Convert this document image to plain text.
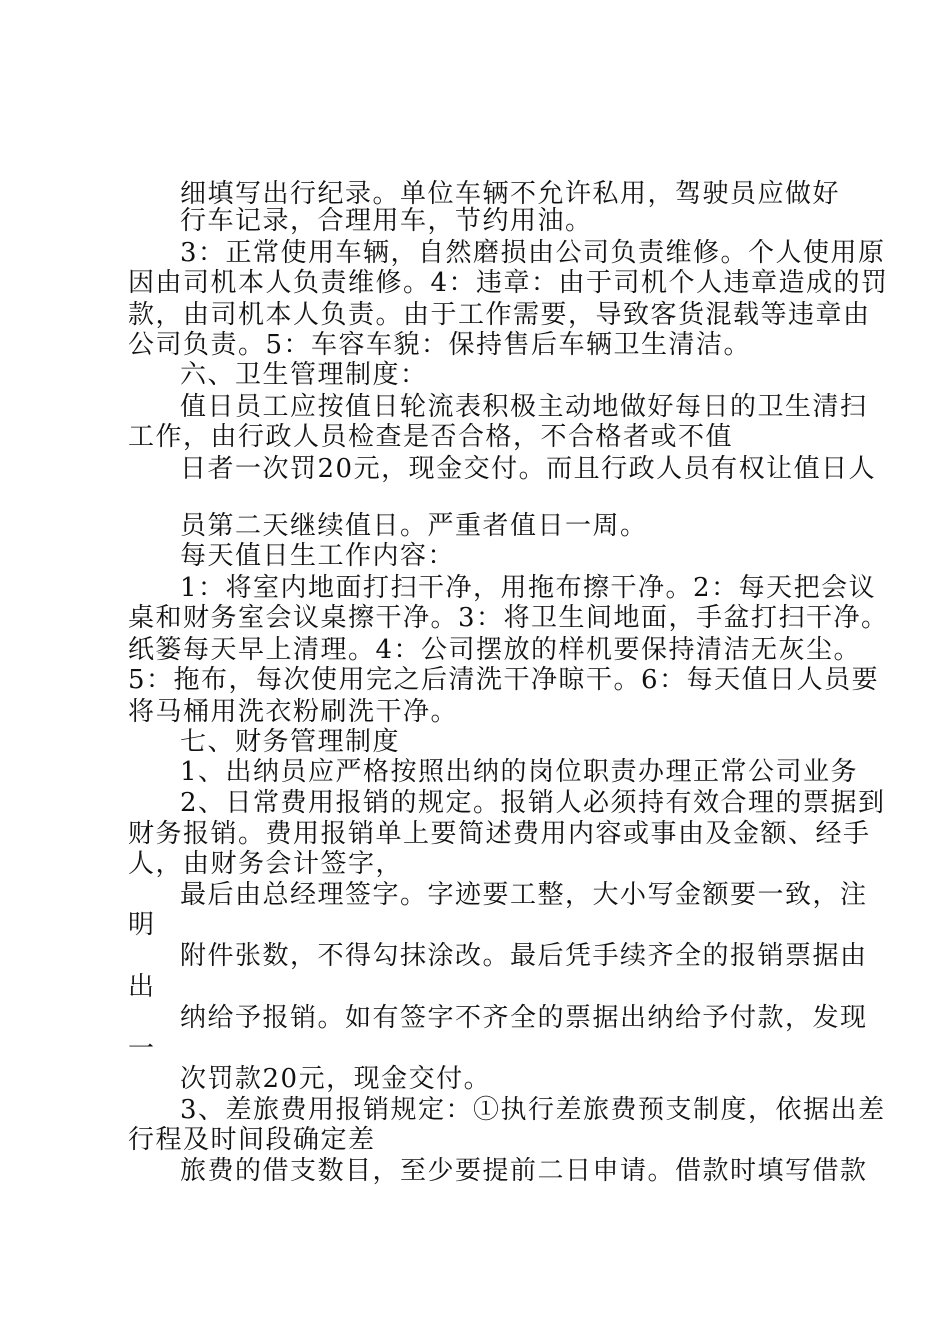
细填写出行纪录。单位车辆不允许私用，驾驶员应做好
行车记录，合理用车，节约用油。
3：正常使用车辆，自然磨损由公司负责维修。个人使用原
因由司机本人负责维修。4：违章：由于司机个人违章造成的罚
款，由司机本人负责。由于工作需要，导致客货混载等违章由
公司负责。5：车容车貌：保持售后车辆卫生清洁。
六、卫生管理制度：
值日员工应按值日轮流表积极主动地做好每日的卫生清扫
工作，由行政人员检查是否合格，不合格者或不值
日者一次罚20元，现金交付。而且行政人员有权让值日人
员第二天继续值日。严重者值日一周。
每天值日生工作内容：
1：将室内地面打扫干净，用拖布擦干净。2：每天把会议
桌和财务室会议桌擦干净。3：将卫生间地面，手盆打扫干净。
纸篓每天早上清理。4：公司摆放的样机要保持清洁无灰尘。
5：拖布，每次使用完之后清洗干净晾干。6：每天值日人员要
将马桶用洗衣粉刷洗干净。
七、财务管理制度
1、出纳员应严格按照出纳的岗位职责办理正常公司业务
2、日常费用报销的规定。报销人必须持有效合理的票据到
财务报销。费用报销单上要简述费用内容或事由及金额、经手
人，由财务会计签字，
最后由总经理签字。字迹要工整，大小写金额要一致，注
明
附件张数，不得勾抹涂改。最后凭手续齐全的报销票据由
出
纳给予报销。如有签字不齐全的票据出纳给予付款，发现
一
次罚款20元，现金交付。
3、差旅费用报销规定：①执行差旅费预支制度，依据出差
行程及时间段确定差
旅费的借支数目，至少要提前二日申请。借款时填写借款
